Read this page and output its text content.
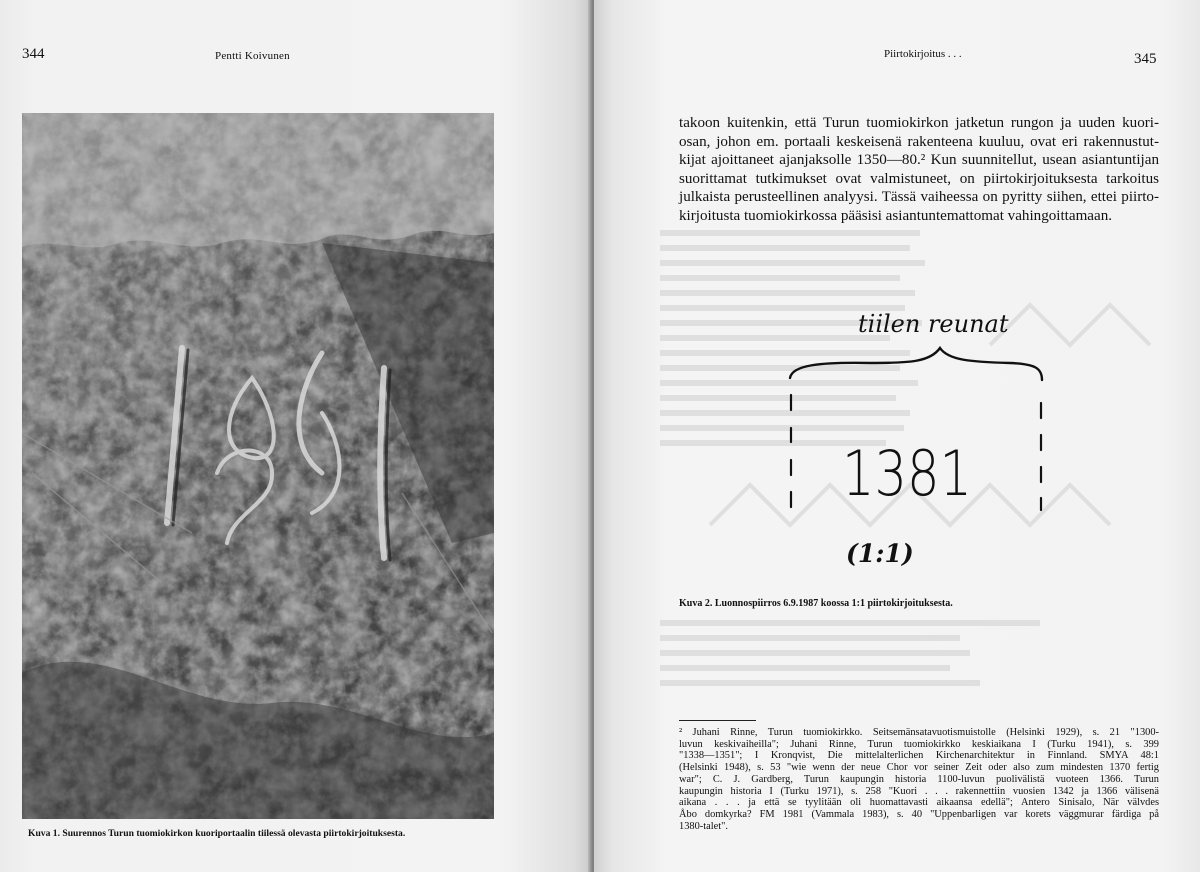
344	Pentti Koivunen
Kuva 1. Suurennos Turun tuomiokirkon kuoriportaalin tiilessä olevasta piirtokirjoituksesta.
Piirtokirjoitus . . .	345

takoon kuitenkin, että Turun tuomiokirkon jatketun rungon ja uuden kuori-
osan, johon em. portaali keskeisenä rakenteena kuuluu, ovat eri rakennustut-
kijat ajoittaneet ajanjaksolle 1350—80.² Kun suunnitellut, usean asiantuntijan
suorittamat tutkimukset ovat valmistuneet, on piirtokirjoituksesta tarkoitus
julkaista perusteellinen analyysi. Tässä vaiheessa on pyritty siihen, ettei piirto-
kirjoitusta tuomiokirkossa pääsisi asiantuntemattomat vahingoittamaan.

tiilen reunat
1381
(1:1)
Kuva 2. Luonnospiirros 6.9.1987 koossa 1:1 piirtokirjoituksesta.

² Juhani Rinne, Turun tuomiokirkko. Seitsemänsatavuotismuistolle (Helsinki 1929), s. 21 "1300-
luvun keskivaiheilla"; Juhani Rinne, Turun tuomiokirkko keskiaikana I (Turku 1941), s. 399
"1338—1351"; I Kronqvist, Die mittelalterlichen Kirchenarchitektur in Finnland. SMYA 48:1
(Helsinki 1948), s. 53 "wie wenn der neue Chor vor seiner Zeit oder also zum mindesten 1370 fertig
war"; C. J. Gardberg, Turun kaupungin historia 1100-luvun puolivälistä vuoteen 1366. Turun
kaupungin historia I (Turku 1971), s. 258 "Kuori . . . rakennettiin vuosien 1342 ja 1366 välisenä
aikana . . . ja että se tyylitään oli huomattavasti aikaansa edellä"; Antero Sinisalo, När välvdes
Åbo domkyrka? FM 1981 (Vammala 1983), s. 40 "Uppenbarligen var korets väggmurar färdiga på
1380-talet".
